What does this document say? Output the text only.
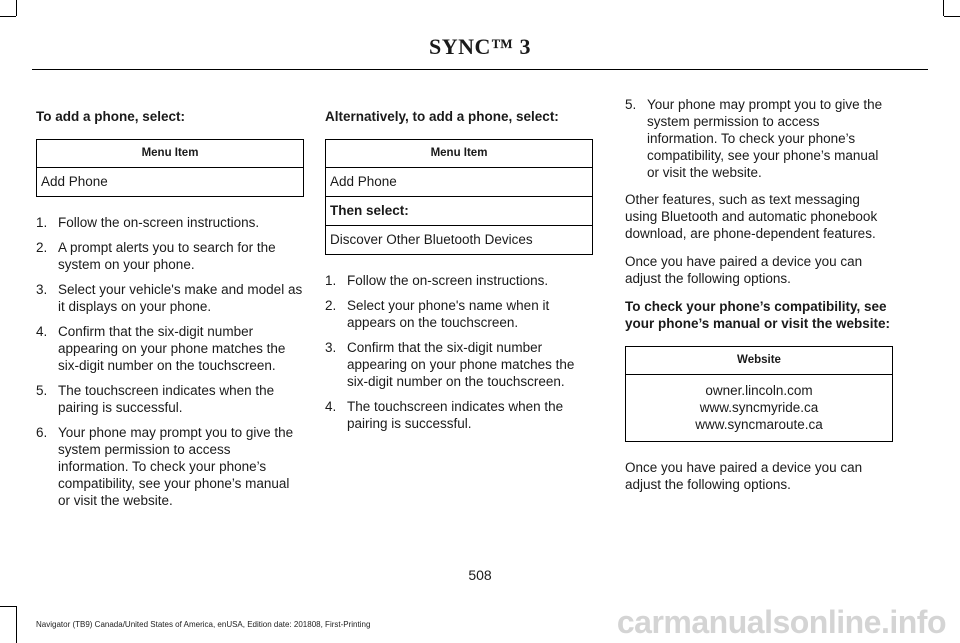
SYNC™ 3
To add a phone, select:
Menu Item
Add Phone
1. Follow the on-screen instructions.
2. A prompt alerts you to search for the system on your phone.
3. Select your vehicle's make and model as it displays on your phone.
4. Confirm that the six-digit number appearing on your phone matches the six-digit number on the touchscreen.
5. The touchscreen indicates when the pairing is successful.
6. Your phone may prompt you to give the system permission to access information. To check your phone’s compatibility, see your phone’s manual or visit the website.
Alternatively, to add a phone, select:
Menu Item
Add Phone
Then select:
Discover Other Bluetooth Devices
1. Follow the on-screen instructions.
2. Select your phone's name when it appears on the touchscreen.
3. Confirm that the six-digit number appearing on your phone matches the six-digit number on the touchscreen.
4. The touchscreen indicates when the pairing is successful.
5. Your phone may prompt you to give the system permission to access information. To check your phone’s compatibility, see your phone’s manual or visit the website.

Other features, such as text messaging using Bluetooth and automatic phonebook download, are phone-dependent features.

Once you have paired a device you can adjust the following options.

To check your phone’s compatibility, see your phone’s manual or visit the website:
Website

owner.lincoln.com
www.syncmyride.ca
www.syncmaroute.ca

Once you have paired a device you can adjust the following options.

508
Navigator (TB9) Canada/United States of America, enUSA, Edition date: 201808, First-Printing	carmanualsonline.info
